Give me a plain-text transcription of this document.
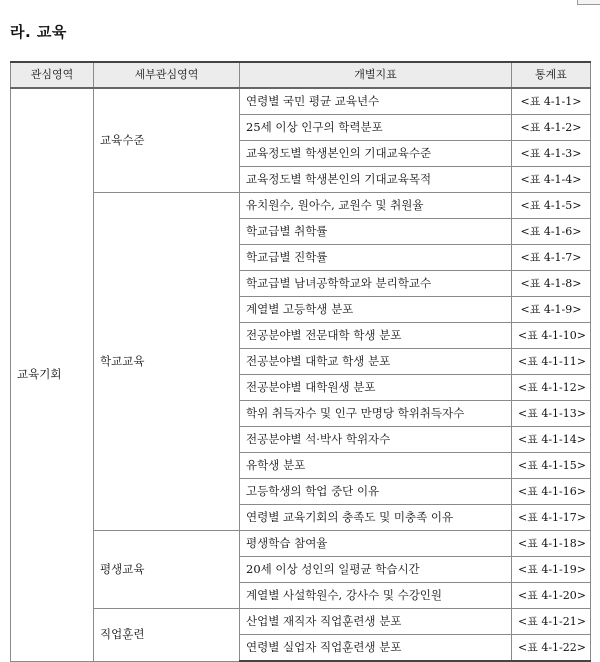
라. 교육
관심영역	세부관심영역	개별지표	통계표
교육기회	교육수준	연령별 국민 평균 교육년수	<표 4-1-1>
		25세 이상 인구의 학력분포	<표 4-1-2>
		교육정도별 학생본인의 기대교육수준	<표 4-1-3>
		교육정도별 학생본인의 기대교육목적	<표 4-1-4>
	학교교육	유치원수, 원아수, 교원수 및 취원율	<표 4-1-5>
		학교급별 취학률	<표 4-1-6>
		학교급별 진학률	<표 4-1-7>
		학교급별 남녀공학학교와 분리학교수	<표 4-1-8>
		계열별 고등학생 분포	<표 4-1-9>
		전공분야별 전문대학 학생 분포	<표 4-1-10>
		전공분야별 대학교 학생 분포	<표 4-1-11>
		전공분야별 대학원생 분포	<표 4-1-12>
		학위 취득자수 및 인구 만명당 학위취득자수	<표 4-1-13>
		전공분야별 석·박사 학위자수	<표 4-1-14>
		유학생 분포	<표 4-1-15>
		고등학생의 학업 중단 이유	<표 4-1-16>
		연령별 교육기회의 충족도 및 미충족 이유	<표 4-1-17>
	평생교육	평생학습 참여율	<표 4-1-18>
		20세 이상 성인의 일평균 학습시간	<표 4-1-19>
		계열별 사설학원수, 강사수 및 수강인원	<표 4-1-20>
	직업훈련	산업별 재직자 직업훈련생 분포	<표 4-1-21>
		연령별 실업자 직업훈련생 분포	<표 4-1-22>
